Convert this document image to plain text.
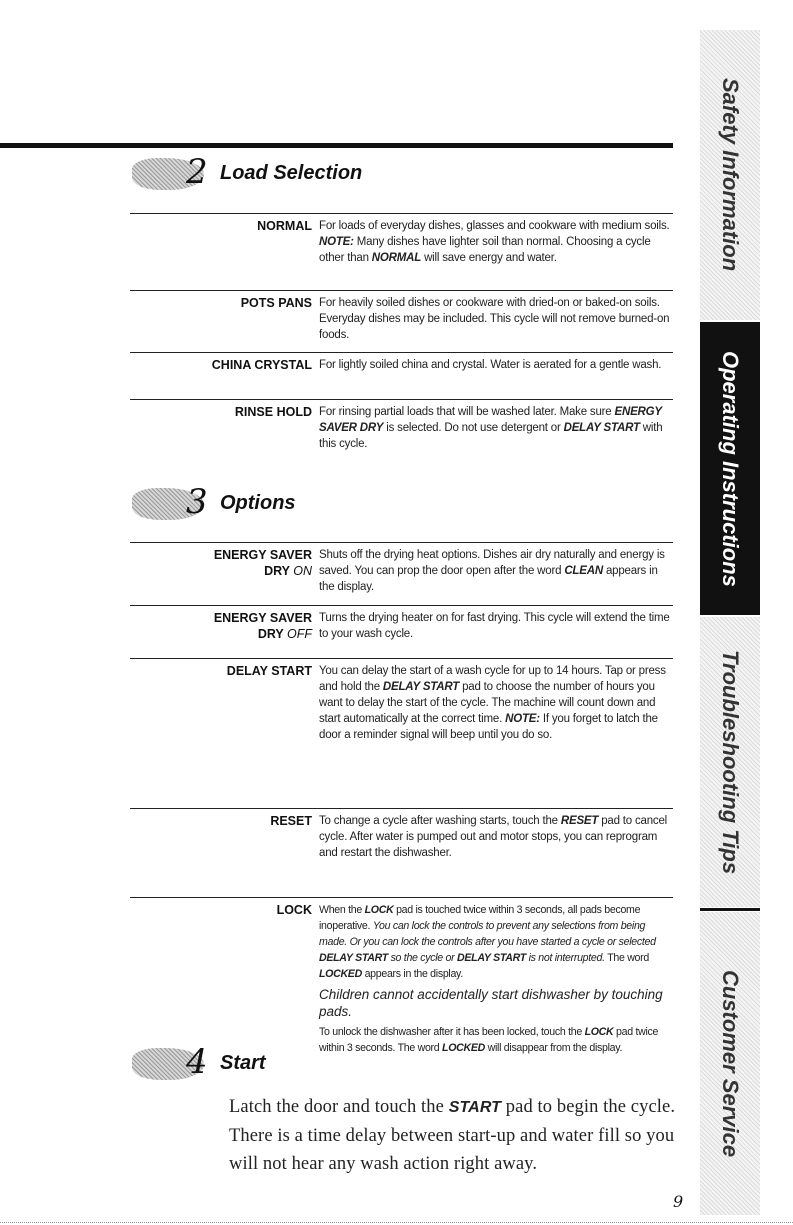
Safety Information
Operating Instructions
Troubleshooting Tips
Customer Service
2 Load Selection
NORMAL For loads of everyday dishes, glasses and cookware with medium soils. NOTE: Many dishes have lighter soil than normal. Choosing a cycle other than NORMAL will save energy and water.
POTS PANS For heavily soiled dishes or cookware with dried-on or baked-on soils. Everyday dishes may be included. This cycle will not remove burned-on foods.
CHINA CRYSTAL For lightly soiled china and crystal. Water is aerated for a gentle wash.
RINSE HOLD For rinsing partial loads that will be washed later. Make sure ENERGY SAVER DRY is selected. Do not use detergent or DELAY START with this cycle.
3 Options
ENERGY SAVER
DRY ON
Shuts off the drying heat options. Dishes air dry naturally and energy is saved. You can prop the door open after the word CLEAN appears in the display.
ENERGY SAVER
DRY OFF
Turns the drying heater on for fast drying. This cycle will extend the time to your wash cycle.
DELAY START You can delay the start of a wash cycle for up to 14 hours. Tap or press and hold the DELAY START pad to choose the number of hours you want to delay the start of the cycle. The machine will count down and start automatically at the correct time. NOTE: If you forget to latch the door a reminder signal will beep until you do so.
RESET To change a cycle after washing starts, touch the RESET pad to cancel cycle. After water is pumped out and motor stops, you can reprogram and restart the dishwasher.
LOCK When the LOCK pad is touched twice within 3 seconds, all pads become inoperative. You can lock the controls to prevent any selections from being made. Or you can lock the controls after you have started a cycle or selected DELAY START so the cycle or DELAY START is not interrupted. The word LOCKED appears in the display.
Children cannot accidentally start dishwasher by touching pads.
To unlock the dishwasher after it has been locked, touch the LOCK pad twice within 3 seconds. The word LOCKED will disappear from the display.
4 Start
Latch the door and touch the START pad to begin the cycle. There is a time delay between start-up and water fill so you will not hear any wash action right away.
9
